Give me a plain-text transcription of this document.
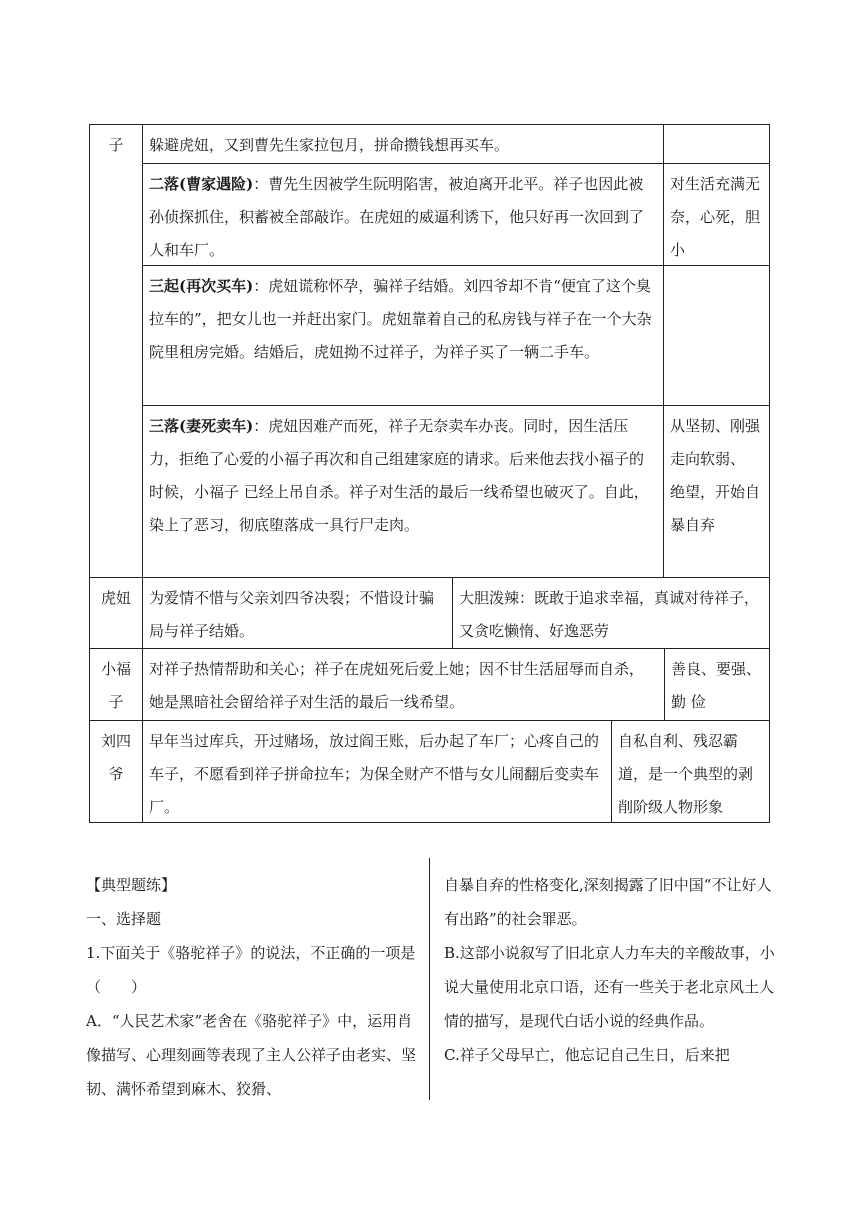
子	躲避虎妞，又到曹先生家拉包月，拼命攒钱想再买车。
二落(曹家遇险)：曹先生因被学生阮明陷害，被迫离开北平。祥子也因此被孙侦探抓住，积蓄被全部敲诈。在虎妞的威逼利诱下，他只好再一次回到了人和车厂。
对生活充满无奈，心死，胆小
三起(再次买车)：虎妞谎称怀孕，骗祥子结婚。刘四爷却不肯“便宜了这个臭拉车的”，把女儿也一并赶出家门。虎妞靠着自己的私房钱与祥子在一个大杂院里租房完婚。结婚后，虎妞拗不过祥子，为祥子买了一辆二手车。
三落(妻死卖车)：虎妞因难产而死，祥子无奈卖车办丧。同时，因生活压力，拒绝了心爱的小福子再次和自己组建家庭的请求。后来他去找小福子的时候，小福子 已经上吊自杀。祥子对生活的最后一线希望也破灭了。自此，染上了恶习，彻底堕落成一具行尸走肉。
从坚韧、刚强走向软弱、 绝望，开始自暴自弃
虎妞	为爱情不惜与父亲刘四爷决裂；不惜设计骗局与祥子结婚。
大胆泼辣：既敢于追求幸福，真诚对待祥子，又贪吃懒惰、好逸恶劳
小福子
对祥子热情帮助和关心；祥子在虎妞死后爱上她；因不甘生活屈辱而自杀，她是黑暗社会留给祥子对生活的最后一线希望。
善良、要强、勤 俭
刘四爷
早年当过库兵，开过赌场，放过阎王账，后办起了车厂；心疼自己的车子，不愿看到祥子拼命拉车；为保全财产不惜与女儿闹翻后变卖车厂。
自私自利、残忍霸道，是一个典型的剥削阶级人物形象

【典型题练】

一、选择题

1.下面关于《骆驼祥子》的说法，不正确的一项是（　　）

A．“人民艺术家”老舍在《骆驼祥子》中，运用肖像描写、心理刻画等表现了主人公祥子由老实、坚韧、满怀希望到麻木、狡猾、

自暴自弃的性格变化,深刻揭露了旧中国“不让好人有出路”的社会罪恶。

B.这部小说叙写了旧北京人力车夫的辛酸故事，小说大量使用北京口语，还有一些关于老北京风土人情的描写，是现代白话小说的经典作品。

C.祥子父母早亡，他忘记自己生日，后来把
